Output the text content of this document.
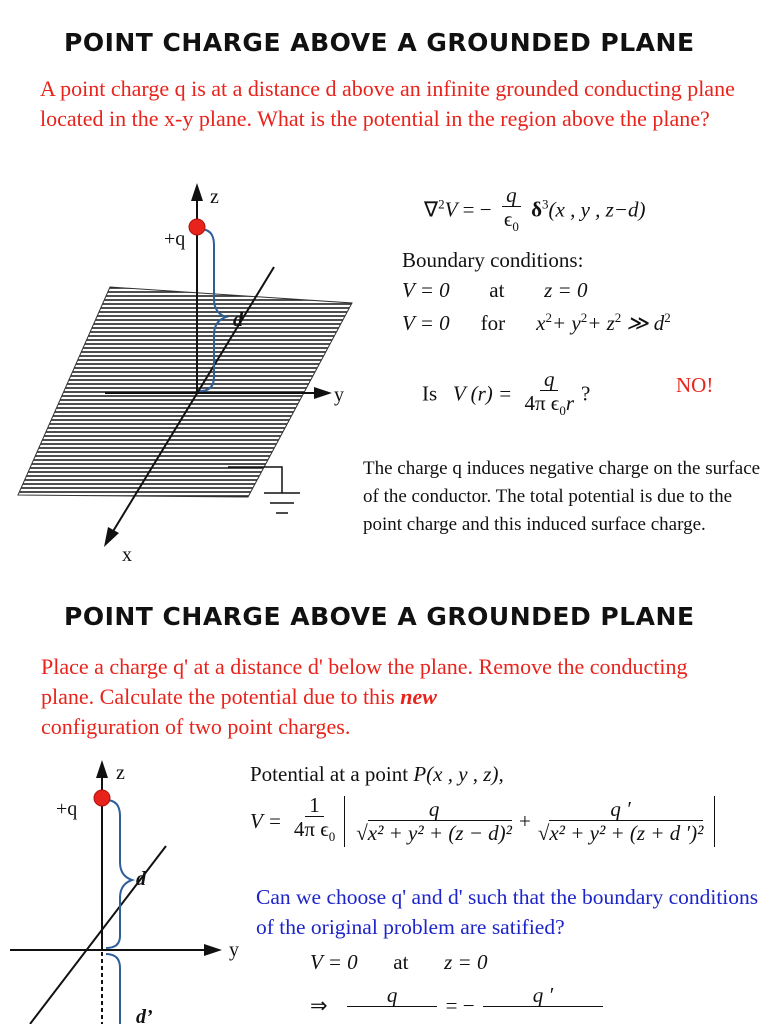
POINT CHARGE ABOVE A GROUNDED PLANE
A point charge q is at a distance d above an infinite grounded conducting plane located in the x-y plane. What is the potential in the region above the plane?
z
y
x
+q
d
∇$^2$V = − $\frac{q}{\epsilon_0} \delta^3(x$ , y , z−d)
Boundary conditions:
V = 0 at z = 0
V = 0 for $x^2+ y^2+ z^2$ ≫ $d^2$
Is V $(r) = \frac{q}{4\pi \epsilon_0r}$ ?	NO!
The charge q induces negative charge on the surface of the conductor. The total potential is due to the point charge and this induced surface charge.
POINT CHARGE ABOVE A GROUNDED PLANE
Place a charge q' at a distance d' below the plane. Remove the conducting plane. Calculate the potential due to this new
configuration of two point charges.
z
y
+q
d
d’
Potential at a point P(x , y , z),
$V = \frac{1}{4\pi \epsilon_0} \frac{q}{\text{√x² + y² + (z − d)²}} + \frac{q '}{\text{√x² + y² + (z + d ′)²}}$
Can we choose q' and d' such that the boundary conditions of the original problem are satified?
V = 0 at z = 0
⇒	q
	= −	q ′
